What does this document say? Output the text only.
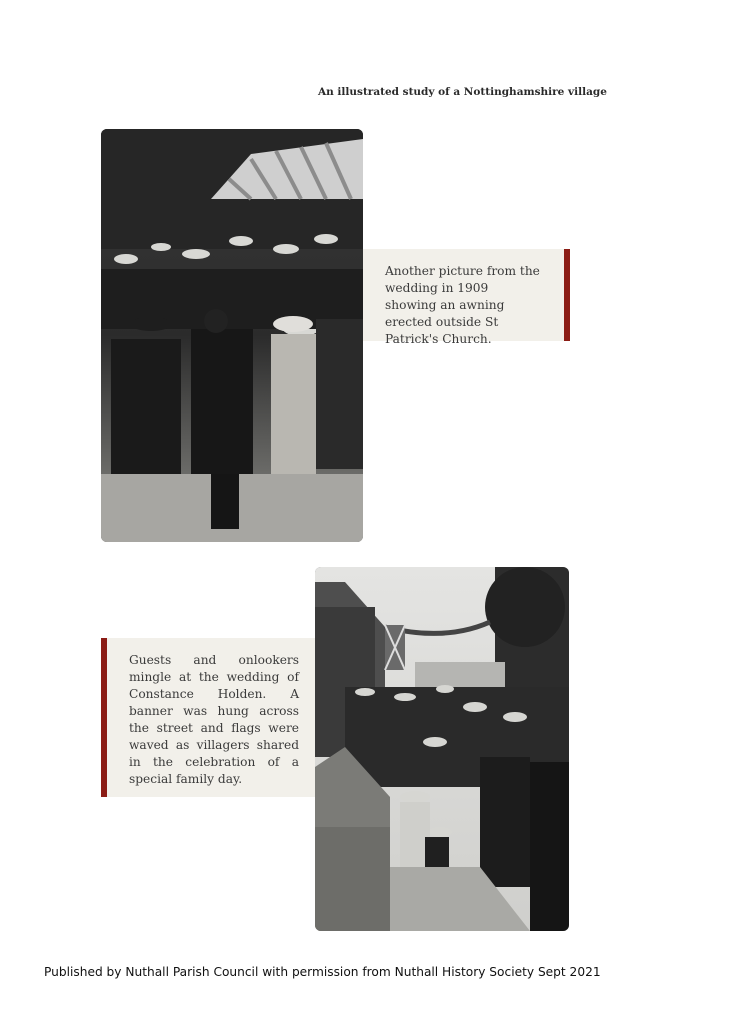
An illustrated study of a Nottinghamshire village
Another picture from the wedding in 1909 showing an awning erected outside St Patrick's Church.
Guests and onlookers mingle at the wedding of Constance Holden. A banner was hung across the street and flags were waved as villagers shared in the celebration of a special family day.
Published by Nuthall Parish Council with permission from Nuthall History Society Sept 2021
